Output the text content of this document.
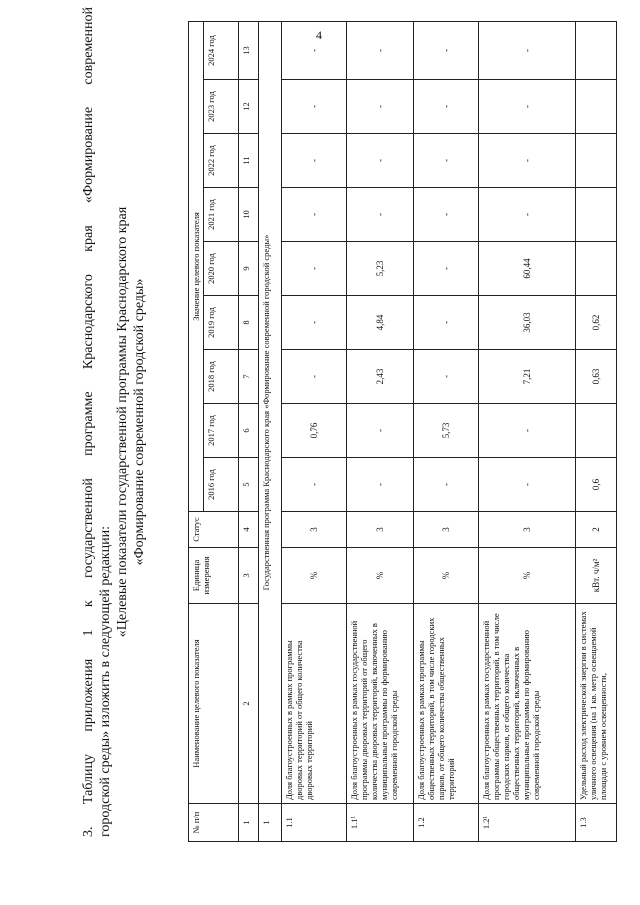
4
3. Таблицу приложения 1 к государственной программе Краснодарского края «Формирование современной городской среды» изложить в следующей редакции:
«Целевые показатели государственной программы Краснодарского края «Формирование современной городской среды»
№ п/п	Наименование целевого показателя	Единица измерения	Статус	Значение целевого показателя								
				2016 год	2017 год	2018 год	2019 год	2020 год	2021 год	2022 год	2023 год	2024 год
1	2	3	4	5	6	7	8	9	10	11	12	13
1	Государственная программа Краснодарского края «Формирование современной городской среды»											
1.1	Доля благоустроенных в рамках программы дворовых территорий от общего количества дворовых территорий	%	3	-	0,76	-	-	-	-	-	-	-
1.1¹	Доля благоустроенных в рамках государственной программы дворовых территорий от общего количества дворовых территорий, включенных в муниципальные программы по формированию современной городской среды	%	3	-	-	2,43	4,84	5,23	-	-	-	-
1.2	Доля благоустроенных в рамках программы общественных территорий, в том числе городских парков, от общего количества общественных территорий	%	3	-	5,73	-	-	-	-	-	-	-
1.2¹	Доля благоустроенных в рамках государственной программы общественных территорий, в том числе городских парков, от общего количества общественных территорий, включенных в муниципальные программы по формированию современной городской среды	%	3	-	-	7,21	36,03	60,44	-	-	-	-
1.3	Удельный расход электрической энергии в системах уличного освещения (на 1 кв. метр освещаемой площади с уровнем освещенности,	кВт. ч/м²	2	0,6		0,63	0,62					
